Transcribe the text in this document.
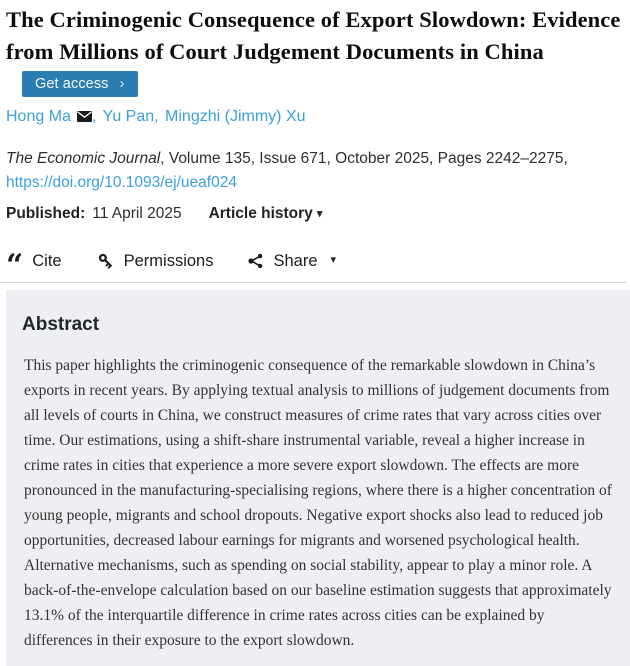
The Criminogenic Consequence of Export Slowdown: Evidence from Millions of Court Judgement Documents in ChinaGet access ›

Hong Ma , Yu Pan, Mingzhi (Jimmy) Xu

The Economic Journal, Volume 135, Issue 671, October 2025, Pages 2242–2275, https://doi.org/10.1093/ej/ueaf024

Published: 11 April 2025 Article history ▾

“ Cite	Permissions	Share ▾
Abstract

This paper highlights the criminogenic consequence of the remarkable slowdown in China’s exports in recent years. By applying textual analysis to millions of judgement documents from all levels of courts in China, we construct measures of crime rates that vary across cities over time. Our estimations, using a shift-share instrumental variable, reveal a higher increase in crime rates in cities that experience a more severe export slowdown. The effects are more pronounced in the manufacturing-specialising regions, where there is a higher concentration of young people, migrants and school dropouts. Negative export shocks also lead to reduced job opportunities, decreased labour earnings for migrants and worsened psychological health. Alternative mechanisms, such as spending on social stability, appear to play a minor role. A back-of-the-envelope calculation based on our baseline estimation suggests that approximately 13.1% of the interquartile difference in crime rates across cities can be explained by differences in their exposure to the export slowdown.
